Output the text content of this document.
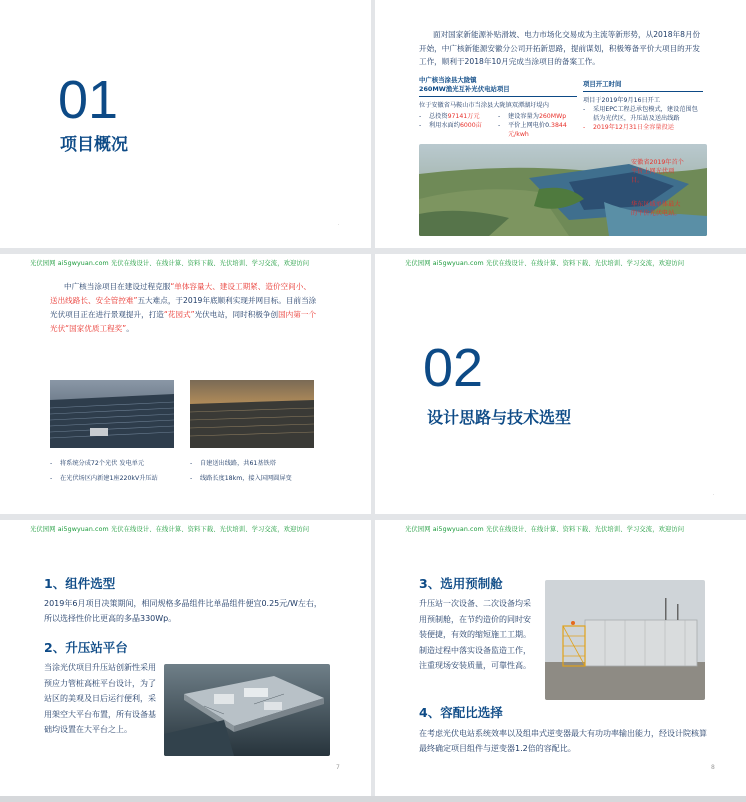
01
项目概况
·

面对国家新能源补贴滑坡、电力市场化交易成为主流等新形势，从2018年8月份开始，中广核新能源安徽分公司开拓新思路，提前谋划，积极筹备平价大项目的开发工作，顺利于2018年10月完成当涂项目的备案工作。

中广核当涂县大陇镇
260MW渔光互补光伏电站项目
位于安徽省马鞍山市当涂县大陇镇双潭湖圩堤内
- 总投资97141万元
- 利用水面约6000亩
- 建设容量为260MWp
- 平价上网电价0.3844元/kwh
项目开工时间
项目于2019年9月16日开工
- 采用EPC工程总承包模式，建设范围包括为光伏区，升压站及送出线路
- 2019年12月31日全容量投运
安徽省2019年首个平价上网光伏项目。
华东区域单体最大的平价光伏电站。
光伏园网 ai5gwyuan.com 光伏在线设计、在线计算、资料下载、光伏培训、学习交流，欢迎访问

中广核当涂项目在建设过程克服“单体容量大、建设工期紧、造价空间小、送出线路长、安全管控难”五大难点，于2019年底顺利实现并网目标。目前当涂光伏项目正在进行景观提升，打造“花园式”光伏电站，同时积极争创国内第一个光伏“国家优质工程奖”。

- 将系统分成72个光伏 发电单元
- 在光伏场区内新建1座220kV升压站
- 自建送出线路，共61基铁塔
- 线路长度18km，接入国网圆屏变
光伏园网 ai5gwyuan.com 光伏在线设计、在线计算、资料下载、光伏培训、学习交流，欢迎访问
02
设计思路与技术选型
·
光伏园网 ai5gwyuan.com 光伏在线设计、在线计算、资料下载、光伏培训、学习交流，欢迎访问
1、组件选型

2019年6月项目决策期间，相同规格多晶组件比单晶组件便宜0.25元/W左右，所以选择性价比更高的多晶330Wp。

2、升压站平台

当涂光伏项目升压站创新性采用预应力管桩高桩平台设计，为了站区的美观及日后运行便利，采用架空大平台布置，所有设备基础均设置在大平台之上。

7
光伏园网 ai5gwyuan.com 光伏在线设计、在线计算、资料下载、光伏培训、学习交流，欢迎访问
3、选用预制舱

升压站一次设备、二次设备均采用预制舱，在节约造价的同时安装便捷，有效的缩短施工工期。制造过程中落实设备监造工作，注重现场安装质量，可靠性高。

4、容配比选择

在考虑光伏电站系统效率以及组串式逆变器最大有功功率输出能力，经设计院核算最终确定项目组件与逆变器1.2倍的容配比。

8
